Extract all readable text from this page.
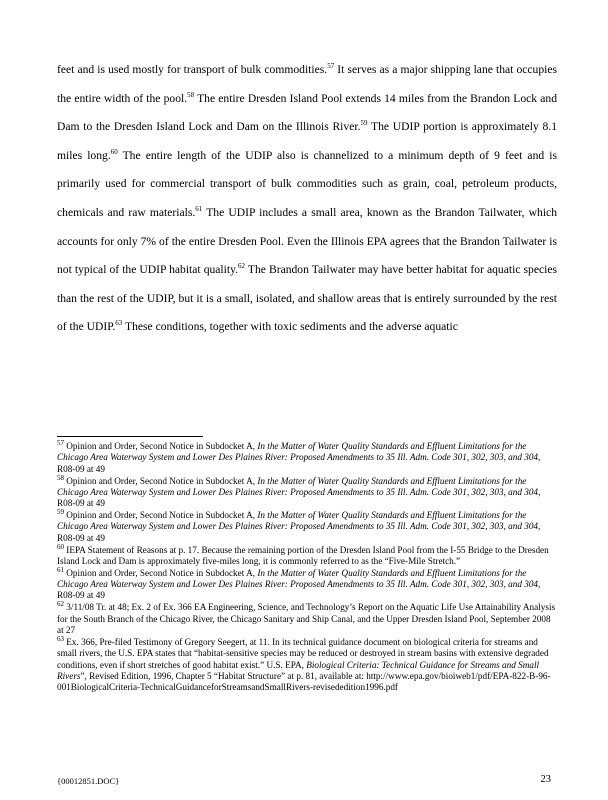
feet and is used mostly for transport of bulk commodities.$^{57}$ It serves as a major shipping lane that occupies the entire width of the pool.$^{58}$ The entire Dresden Island Pool extends 14 miles from the Brandon Lock and Dam to the Dresden Island Lock and Dam on the Illinois River.$^{59}$ The UDIP portion is approximately 8.1 miles long.$^{60}$ The entire length of the UDIP also is channelized to a minimum depth of 9 feet and is primarily used for commercial transport of bulk commodities such as grain, coal, petroleum products, chemicals and raw materials.$^{61}$ The UDIP includes a small area, known as the Brandon Tailwater, which accounts for only 7% of the entire Dresden Pool. Even the Illinois EPA agrees that the Brandon Tailwater is not typical of the UDIP habitat quality.$^{62}$ The Brandon Tailwater may have better habitat for aquatic species than the rest of the UDIP, but it is a small, isolated, and shallow areas that is entirely surrounded by the rest of the UDIP.$^{63}$ These conditions, together with toxic sediments and the adverse aquatic

$^{57}$ Opinion and Order, Second Notice in Subdocket A, In the Matter of Water Quality Standards and Effluent Limitations for the Chicago Area Waterway System and Lower Des Plaines River: Proposed Amendments to 35 Ill. Adm. Code 301, 302, 303, and 304, R08-09 at 49

$^{58}$ Opinion and Order, Second Notice in Subdocket A, In the Matter of Water Quality Standards and Effluent Limitations for the Chicago Area Waterway System and Lower Des Plaines River: Proposed Amendments to 35 Ill. Adm. Code 301, 302, 303, and 304, R08-09 at 49

$^{59}$ Opinion and Order, Second Notice in Subdocket A, In the Matter of Water Quality Standards and Effluent Limitations for the Chicago Area Waterway System and Lower Des Plaines River: Proposed Amendments to 35 Ill. Adm. Code 301, 302, 303, and 304, R08-09 at 49

$^{60}$ IEPA Statement of Reasons at p. 17. Because the remaining portion of the Dresden Island Pool from the I-55 Bridge to the Dresden Island Lock and Dam is approximately five-miles long, it is commonly referred to as the “Five-Mile Stretch.”

$^{61}$ Opinion and Order, Second Notice in Subdocket A, In the Matter of Water Quality Standards and Effluent Limitations for the Chicago Area Waterway System and Lower Des Plaines River: Proposed Amendments to 35 Ill. Adm. Code 301, 302, 303, and 304, R08-09 at 49

$^{62}$ 3/11/08 Tr. at 48; Ex. 2 of Ex. 366 EA Engineering, Science, and Technology’s Report on the Aquatic Life Use Attainability Analysis for the South Branch of the Chicago River, the Chicago Sanitary and Ship Canal, and the Upper Dresden Island Pool, September 2008 at 27

$^{63}$ Ex. 366, Pre-filed Testimony of Gregory Seegert, at 11. In its technical guidance document on biological criteria for streams and small rivers, the U.S. EPA states that “habitat-sensitive species may be reduced or destroyed in stream basins with extensive degraded conditions, even if short stretches of good habitat exist.” U.S. EPA, Biological Criteria: Technical Guidance for Streams and Small Rivers”, Revised Edition, 1996, Chapter 5 “Habitat Structure” at p. 81, available at: http://www.epa.gov/bioiweb1/pdf/EPA-822-B-96-001BiologicalCriteria-TechnicalGuidanceforStreamsandSmallRivers-revisededition1996.pdf

{00012851.DOC}	23
